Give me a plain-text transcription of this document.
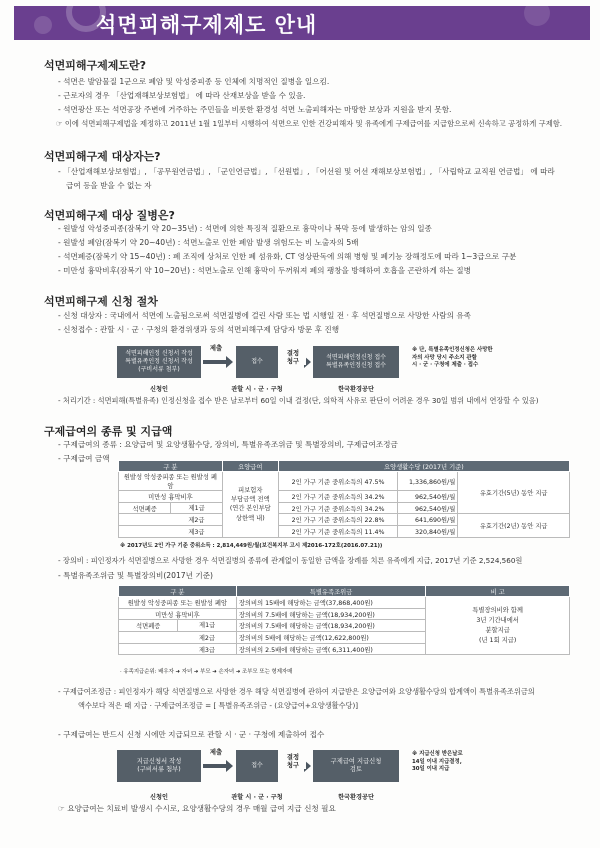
석면피해구제제도 안내
석면피해구제제도란?
- 석면은 발암물질 1군으로 폐암 및 악성중피종 등 인체에 치명적인 질병을 일으킴.
- 근로자의 경우 「산업재해보상보험법」 에 따라 산재보상을 받을 수 있음.
- 석면광산 또는 석면공장 주변에 거주하는 주민들을 비롯한 환경성 석면 노출피해자는 마땅한 보상과 지원을 받지 못함.
☞ 이에 석면피해구제법을 제정하고 2011년 1월 1일부터 시행하여 석면으로 인한 건강피해자 및 유족에게 구제급여를 지급함으로써 신속하고 공정하게 구제함.
석면피해구제 대상자는?
- 「산업재해보상보험법」, 「공무원연금법」, 「군인연금법」, 「선원법」, 「어선원 및 어선 재해보상보험법」, 「사립학교 교직원 연금법」 에 따라
급여 등을 받을 수 없는 자
석면피해구제 대상 질병은?
- 원발성 악성중피종(잠복기 약 20~35년) : 석면에 의한 특징적 질환으로 흉막이나 복막 등에 발생하는 암의 일종
- 원발성 폐암(잠복기 약 20~40년) : 석면노출로 인한 폐암 발생 위험도는 비 노출자의 5배
- 석면폐증(잠복기 약 15~40년) : 폐 조직에 상처로 인한 폐 섬유화, CT 영상판독에 의해 병형 및 폐기능 장해정도에 따라 1~3급으로 구분
- 미만성 흉막비후(잠복기 약 10~20년) : 석면노출로 인해 흉막이 두꺼워져 폐의 팽창을 방해하여 호흡을 곤란하게 하는 질병
석면피해구제 신청 절차
- 신청 대상자 : 국내에서 석면에 노출됨으로써 석면질병에 걸린 사람 또는 법 시행일 전 · 후 석면질병으로 사망한 사람의 유족
- 신청접수 : 관할 시 · 군 · 구청의 환경위생과 등의 석면피해구제 담당자 방문 후 진행
석면피해인정 신청서 작성
특별유족인정 신청서 작성
(구비서류 첨부)
제출
접수
결정
청구
석면피해인정신청 접수
특별유족인정신청 접수
※ 단, 특별유족인정신청은 사망한
자의 사망 당시 주소지 관할
시 · 군 · 구청에 제출 · 접수
신청인	관할 시 · 군 · 구청	한국환경공단
- 처리기간 : 석면피해(특별유족) 인정신청을 접수 받은 날로부터 60일 이내 결정(단, 의학적 사유로 판단이 어려운 경우 30일 범위 내에서 연장할 수 있음)
구제급여의 종류 및 지급액
- 구제급여의 종류 : 요양급여 및 요양생활수당, 장의비, 특별유족조위금 및 특별장의비, 구제급여조정금
- 구제급여 금액
구 분	요양급여	요양생활수당 (2017년 기준)		
원발성 악성중피종 또는 원발성 폐암	피보험자
부담금액 전액
(연간 본인부담
상한액 내)	2인 가구 기준 중위소득의 47.5%	1,336,860원/월	유효기간(5년) 동안 지급
미만성 흉막비후		2인 가구 기준 중위소득의 34.2%	962,540원/월	

석면폐증 제1급		2인 가구 기준 중위소득의 34.2%	962,540원/월	
제2급		2인 가구 기준 중위소득의 22.8%	641,690원/월	유효기간(2년) 동안 지급
제3급		2인 가구 기준 중위소득의 11.4%	320,840원/월	
※ 2017년도 2인 가구 기준 중위소득 : 2,814,449원/월(보건복지부 고시 제2016-172호(2016.07.21))
- 장의비 : 피인정자가 석면질병으로 사망한 경우 석면질병의 종류에 관계없이 동일한 금액을 장례를 치른 유족에게 지급, 2017년 기준 2,524,560원
- 특별유족조위금 및 특별장의비(2017년 기준)
구 분	특별유족조위금	비 고
원발성 악성중피종 또는 원발성 폐암	장의비의 15배에 해당하는 금액(37,868,400원)	특별장의비와 함께
3년 기간내에서
분할지급
(년 1회 지급)
미만성 흉막비후	장의비의 7.5배에 해당하는 금액(18,934,200원)	

석면폐증 제1급	장의비의 7.5배에 해당하는 금액(18,934,200원)	
제2급	장의비의 5배에 해당하는 금액(12,622,800원)	
제3급	장의비의 2.5배에 해당하는 금액( 6,311,400원)	
· 유족지급순위: 배우자 ➜ 자녀 ➜ 부모 ➜ 손자녀 ➜ 조부모 또는 형제자매
- 구제급여조정금 : 피인정자가 해당 석면질병으로 사망한 경우 해당 석면질병에 관하여 지급받은 요양급여와 요양생활수당의 합계액이 특별유족조위금의
액수보다 적은 때 지급 · 구제급여조정금 = [ 특별유족조위금 - (요양급여+요양생활수당)]
- 구제급여는 반드시 신청 시에만 지급되므로 관할 시 · 군 · 구청에 제출하여 접수
지급신청서 작성
(구비서류 첨부)
제출
접수
결정
청구
구제급여 지급신청
검토
※ 지급신청 받은날로
14일 이내 지급결정,
30일 이내 지급
신청인	관할 시 · 군 · 구청	한국환경공단
☞ 요양급여는 치료비 발생시 수시로, 요양생활수당의 경우 매월 급여 지급 신청 필요
